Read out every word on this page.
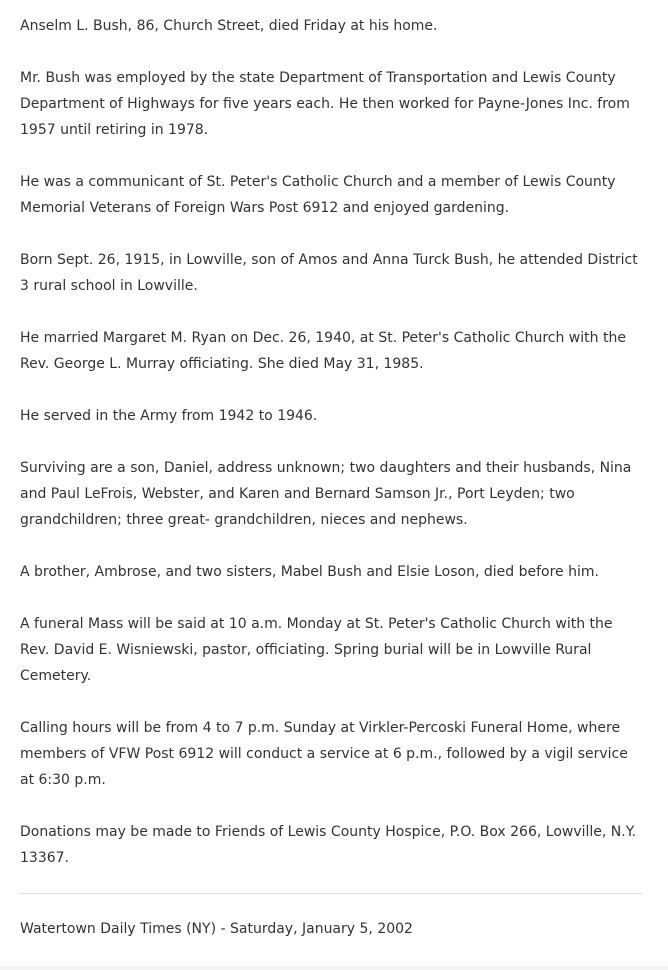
Anselm L. Bush, 86, Church Street, died Friday at his home.

Mr. Bush was employed by the state Department of Transportation and Lewis County Department of Highways for five years each. He then worked for Payne-Jones Inc. from 1957 until retiring in 1978.

He was a communicant of St. Peter's Catholic Church and a member of Lewis County Memorial Veterans of Foreign Wars Post 6912 and enjoyed gardening.

Born Sept. 26, 1915, in Lowville, son of Amos and Anna Turck Bush, he attended District 3 rural school in Lowville.

He married Margaret M. Ryan on Dec. 26, 1940, at St. Peter's Catholic Church with the Rev. George L. Murray officiating. She died May 31, 1985.

He served in the Army from 1942 to 1946.

Surviving are a son, Daniel, address unknown; two daughters and their husbands, Nina and Paul LeFrois, Webster, and Karen and Bernard Samson Jr., Port Leyden; two grandchildren; three great- grandchildren, nieces and nephews.

A brother, Ambrose, and two sisters, Mabel Bush and Elsie Loson, died before him.

A funeral Mass will be said at 10 a.m. Monday at St. Peter's Catholic Church with the Rev. David E. Wisniewski, pastor, officiating. Spring burial will be in Lowville Rural Cemetery.

Calling hours will be from 4 to 7 p.m. Sunday at Virkler-Percoski Funeral Home, where members of VFW Post 6912 will conduct a service at 6 p.m., followed by a vigil service at 6:30 p.m.

Donations may be made to Friends of Lewis County Hospice, P.O. Box 266, Lowville, N.Y. 13367.

Watertown Daily Times (NY) - Saturday, January 5, 2002
